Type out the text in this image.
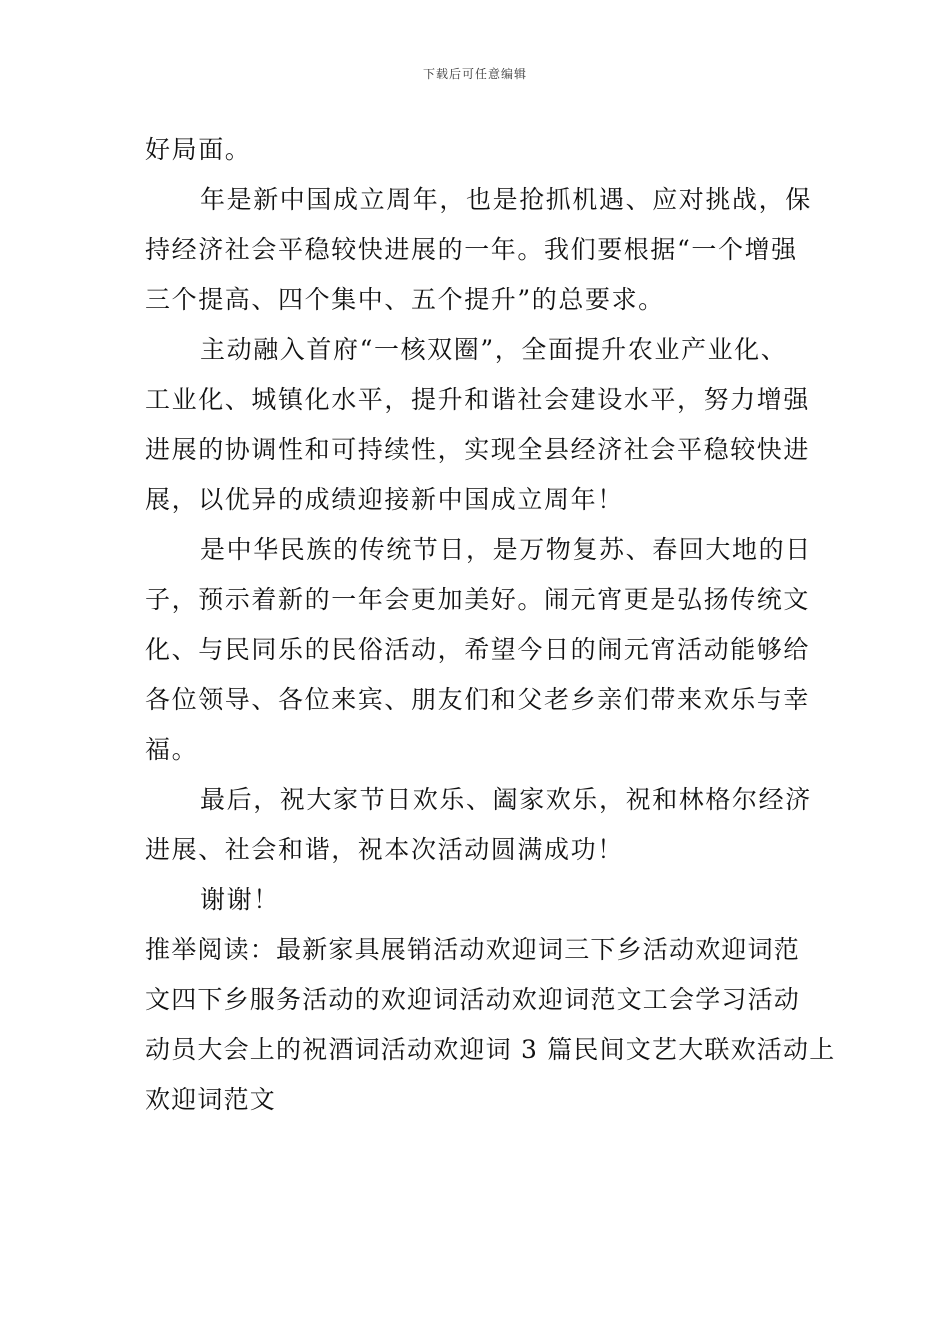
下载后可任意编辑
好局面。
年是新中国成立周年，也是抢抓机遇、应对挑战，保
持经济社会平稳较快进展的一年。我们要根据“一个增强
三个提高、四个集中、五个提升”的总要求。
主动融入首府“一核双圈”，全面提升农业产业化、
工业化、城镇化水平，提升和谐社会建设水平，努力增强
进展的协调性和可持续性，实现全县经济社会平稳较快进
展，以优异的成绩迎接新中国成立周年！
是中华民族的传统节日，是万物复苏、春回大地的日
子，预示着新的一年会更加美好。闹元宵更是弘扬传统文
化、与民同乐的民俗活动，希望今日的闹元宵活动能够给
各位领导、各位来宾、朋友们和父老乡亲们带来欢乐与幸
福。
最后，祝大家节日欢乐、阖家欢乐，祝和林格尔经济
进展、社会和谐，祝本次活动圆满成功！
谢谢！
推举阅读：最新家具展销活动欢迎词三下乡活动欢迎词范
文四下乡服务活动的欢迎词活动欢迎词范文工会学习活动
动员大会上的祝酒词活动欢迎词 3 篇民间文艺大联欢活动上
欢迎词范文
